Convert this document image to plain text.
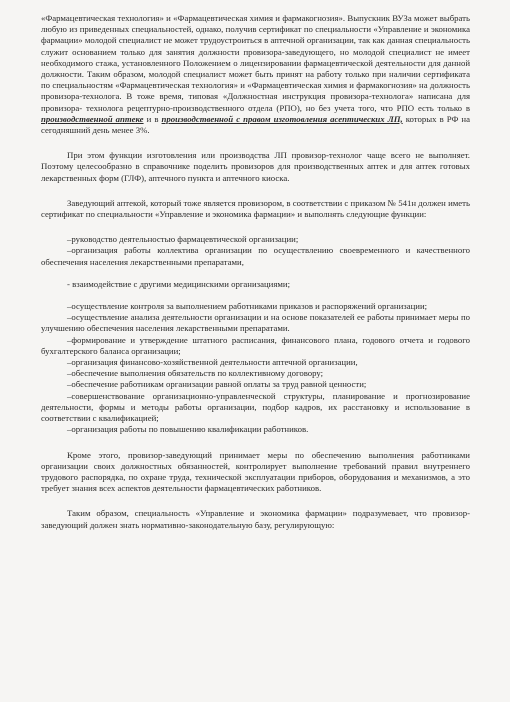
«Фармацевтическая технология» и «Фармацевтическая химия и фармакогнозия». Выпускник ВУЗа может выбрать любую из приведенных специальностей, однако, получив сертификат по специальности «Управление и экономика фармации» молодой специалист не может трудоустроиться в аптечной организации, так как данная специальность служит основанием только для занятия должности провизора-заведующего, но молодой специалист не имеет необходимого стажа, установленного Положением о лицензировании фармацевтической деятельности для данной должности. Таким образом, молодой специалист может быть принят на работу только при наличии сертификата по специальностям «Фармацевтическая технология» и «Фармацевтическая химия и фармакогнозия» на должность провизора-технолога. В тоже время, типовая «Должностная инструкция провизора-технолога» написана для провизора- технолога рецептурно-производственного отдела (РПО), но без учета того, что РПО есть только в производственной аптеке и в производственной с правом изготовления асептических ЛП, которых в РФ на сегодняшний день менее 3%.

При этом функции изготовления или производства ЛП провизор-технолог чаще всего не выполняет. Поэтому целесообразно в справочнике поделить провизоров для производственных аптек и для аптек готовых лекарственных форм (ГЛФ), аптечного пункта и аптечного киоска.

Заведующий аптекой, который тоже является провизором, в соответствии с приказом № 541н должен иметь сертификат по специальности «Управление и экономика фармации» и выполнять следующие функции:

–руководство деятельностью фармацевтической организации;

–организация работы коллектива организации по осуществлению своевременного и качественного обеспечения населения лекарственными препаратами,

- взаимодействие с другими медицинскими организациями;

–осуществление контроля за выполнением работниками приказов и распоряжений организации;

–осуществление анализа деятельности организации и на основе показателей ее работы принимает меры по улучшению обеспечения населения лекарственными препаратами.

–формирование и утверждение штатного расписания, финансового плана, годового отчета и годового бухгалтерского баланса организации;

–организация финансово-хозяйственной деятельности аптечной организации,

–обеспечение выполнения обязательств по коллективному договору;

–обеспечение работникам организации равной оплаты за труд равной ценности;

–совершенствование организационно-управленческой структуры, планирование и прогнозирование деятельности, формы и методы работы организации, подбор кадров, их расстановку и использование в соответствии с квалификацией;

–организация работы по повышению квалификации работников.

Кроме этого, провизор-заведующий принимает меры по обеспечению выполнения работниками организации своих должностных обязанностей, контролирует выполнение требований правил внутреннего трудового распорядка, по охране труда, технической эксплуатации приборов, оборудования и механизмов, а это требует знания всех аспектов деятельности фармацевтических работников.

Таким образом, специальность «Управление и экономика фармации» подразумевает, что провизор-заведующий должен знать нормативно-законодательную базу, регулирующую:
